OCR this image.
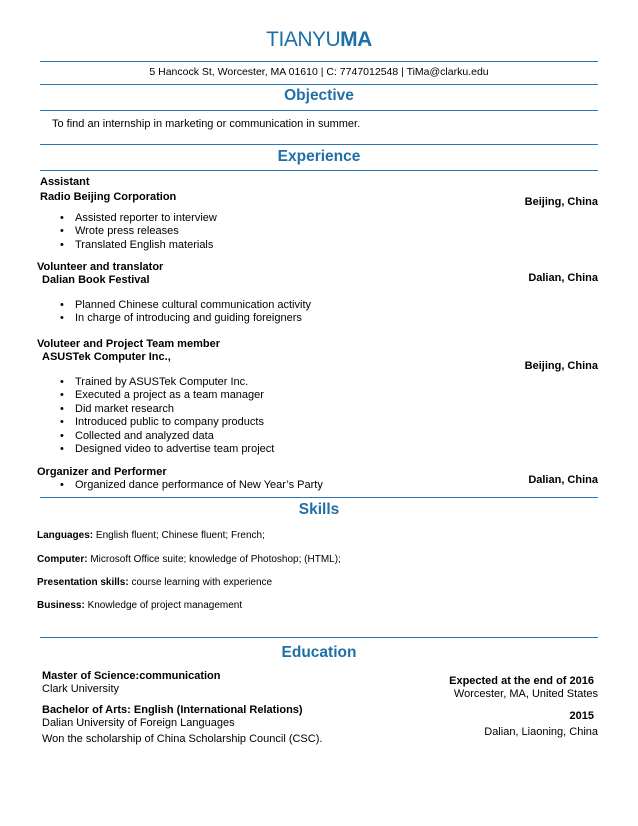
TIANYUMA
5 Hancock St, Worcester, MA 01610 | C: 7747012548 | TiMa@clarku.edu
Objective
To find an internship in marketing or communication in summer.
Experience
Assistant
Radio Beijing Corporation	Beijing, China
• Assisted reporter to interview
• Wrote press releases
• Translated English materials
Volunteer and translator
Dalian Book Festival	Dalian, China
• Planned Chinese cultural communication activity
• In charge of introducing and guiding foreigners
Voluteer and Project Team member
ASUSTek Computer Inc.,
Beijing, China
• Trained by ASUSTek Computer Inc.
• Executed a project as a team manager
• Did market research
• Introduced public to company products
• Collected and analyzed data
• Designed video to advertise team project
Organizer and Performer
Dalian, China
• Organized dance performance of New Year’s Party
Skills
Languages: English fluent; Chinese fluent; French;
Computer: Microsoft Office suite; knowledge of Photoshop; (HTML);
Presentation skills: course learning with experience
Business: Knowledge of project management
Education
Master of Science:communication
Clark University
Expected at the end of 2016
Worcester, MA, United States
Bachelor of Arts: English (International Relations)
Dalian University of Foreign Languages
Won the scholarship of China Scholarship Council (CSC).
2015
Dalian, Liaoning, China
